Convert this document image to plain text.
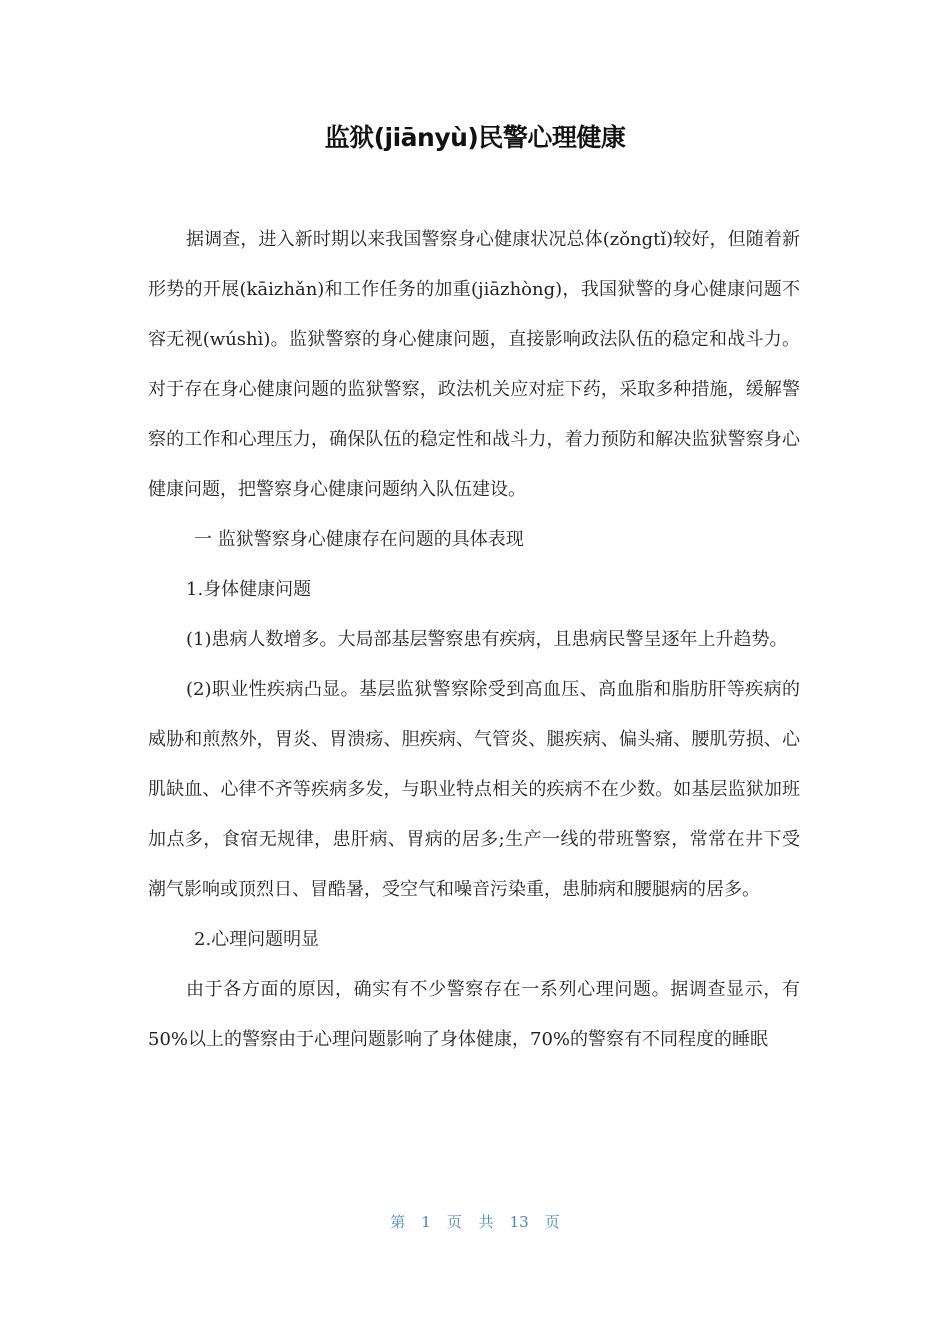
监狱(jiānyù)民警心理健康

据调查，进入新时期以来我国警察身心健康状况总体(zǒngtǐ)较好，但随着新形势的开展(kāizhǎn)和工作任务的加重(jiāzhòng)，我国狱警的身心健康问题不容无视(wúshì)。监狱警察的身心健康问题，直接影响政法队伍的稳定和战斗力。对于存在身心健康问题的监狱警察，政法机关应对症下药，采取多种措施，缓解警察的工作和心理压力，确保队伍的稳定性和战斗力，着力预防和解决监狱警察身心健康问题，把警察身心健康问题纳入队伍建设。

一 监狱警察身心健康存在问题的具体表现

1.身体健康问题

(1)患病人数增多。大局部基层警察患有疾病，且患病民警呈逐年上升趋势。

(2)职业性疾病凸显。基层监狱警察除受到高血压、高血脂和脂肪肝等疾病的威胁和煎熬外，胃炎、胃溃疡、胆疾病、气管炎、腿疾病、偏头痛、腰肌劳损、心肌缺血、心律不齐等疾病多发，与职业特点相关的疾病不在少数。如基层监狱加班加点多，食宿无规律，患肝病、胃病的居多;生产一线的带班警察，常常在井下受潮气影响或顶烈日、冒酷暑，受空气和噪音污染重，患肺病和腰腿病的居多。

2.心理问题明显

由于各方面的原因，确实有不少警察存在一系列心理问题。据调查显示，有 50%以上的警察由于心理问题影响了身体健康，70%的警察有不同程度的睡眠

第 1 页 共 13 页
